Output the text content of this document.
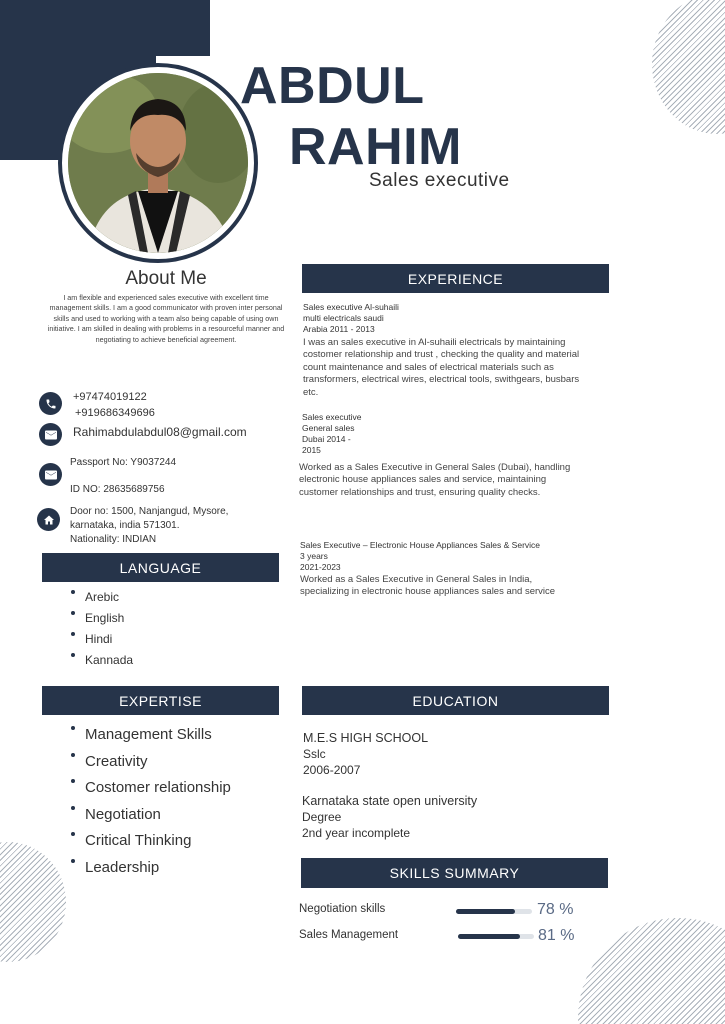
ABDUL
RAHIM
Sales executive
About Me
I am flexible and experienced sales executive with excellent time management skills. I am a good communicator with proven inter personal skills and used to working with a team also being capable of using own initiative. I am skilled in dealing with problems in a resourceful manner and negotiating to achieve beneficial agreement.
+97474019122
+919686349696
Rahimabdulabdul08@gmail.com
Passport No: Y9037244
ID NO: 28635689756
Door no: 1500, Nanjangud, Mysore,
karnataka, india 571301.
Nationality: INDIAN
LANGUAGE
Arebic
English
Hindi
Kannada
EXPERTISE
Management Skills
Creativity
Costomer relationship
Negotiation
Critical Thinking
Leadership
EXPERIENCE
Sales executive Al-suhaili
multi electricals saudi
Arabia 2011 - 2013
I was an sales executive in Al-suhaili electricals by maintaining costomer relationship and trust , checking the quality and material count maintenance and sales of electrical materials such as transformers, electrical wires, electrical tools, swithgears, busbars etc.
Sales executive
General sales
Dubai 2014 -
2015
Worked as a Sales Executive in General Sales (Dubai), handling electronic house appliances sales and service, maintaining customer relationships and trust, ensuring quality checks.
Sales Executive – Electronic House Appliances Sales & Service
3 years
2021-2023
Worked as a Sales Executive in General Sales in India, specializing in electronic house appliances sales and service
EDUCATION
M.E.S HIGH SCHOOL
Sslc
2006-2007
Karnataka state open university
Degree
2nd year incomplete
SKILLS SUMMARY
Negotiation skills	78 %
Sales Management	81 %
